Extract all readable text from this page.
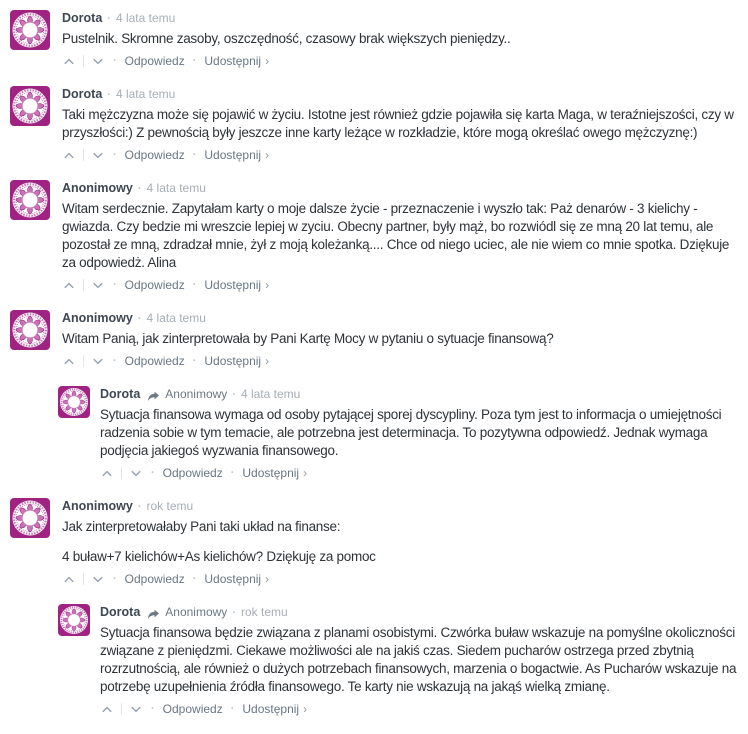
Dorota · 4 lata temu

Pustelnik. Skromne zasoby, oszczędność, czasowy brak większych pieniędzy..

· Odpowiedz · Udostępnij ›
Dorota · 4 lata temu

Taki mężczyzna może się pojawić w życiu. Istotne jest również gdzie pojawiła się karta Maga, w teraźniejszości, czy w przyszłości:) Z pewnością były jeszcze inne karty leżące w rozkładzie, które mogą określać owego mężczyznę:)

· Odpowiedz · Udostępnij ›
Anonimowy · 4 lata temu

Witam serdecznie. Zapytałam karty o moje dalsze życie - przeznaczenie i wyszło tak: Paż denarów - 3 kielichy - gwiazda. Czy bedzie mi wreszcie lepiej w zyciu. Obecny partner, były mąż, bo rozwiódl się ze mną 20 lat temu, ale pozostał ze mną, zdradzał mnie, żył z moją koleżanką.... Chce od niego uciec, ale nie wiem co mnie spotka. Dziękuje za odpowiedż. Alina

· Odpowiedz · Udostępnij ›
Anonimowy · 4 lata temu

Witam Panią, jak zinterpretowała by Pani Kartę Mocy w pytaniu o sytuacje finansową?

· Odpowiedz · Udostępnij ›
Dorota Anonimowy · 4 lata temu

Sytuacja finansowa wymaga od osoby pytającej sporej dyscypliny. Poza tym jest to informacja o umiejętności radzenia sobie w tym temacie, ale potrzebna jest determinacja. To pozytywna odpowiedź. Jednak wymaga podjęcia jakiegoś wyzwania finansowego.

· Odpowiedz · Udostępnij ›
Anonimowy · rok temu

Jak zinterpretowałaby Pani taki układ na finanse:

4 buław+7 kielichów+As kielichów? Dziękuję za pomoc

· Odpowiedz · Udostępnij ›
Dorota Anonimowy · rok temu

Sytuacja finansowa będzie związana z planami osobistymi. Czwórka buław wskazuje na pomyślne okoliczności związane z pieniędzmi. Ciekawe możliwości ale na jakiś czas. Siedem pucharów ostrzega przed zbytnią rozrzutnością, ale również o dużych potrzebach finansowych, marzenia o bogactwie. As Pucharów wskazuje na potrzebę uzupełnienia źródła finansowego. Te karty nie wskazują na jakąś wielką zmianę.

· Odpowiedz · Udostępnij ›
